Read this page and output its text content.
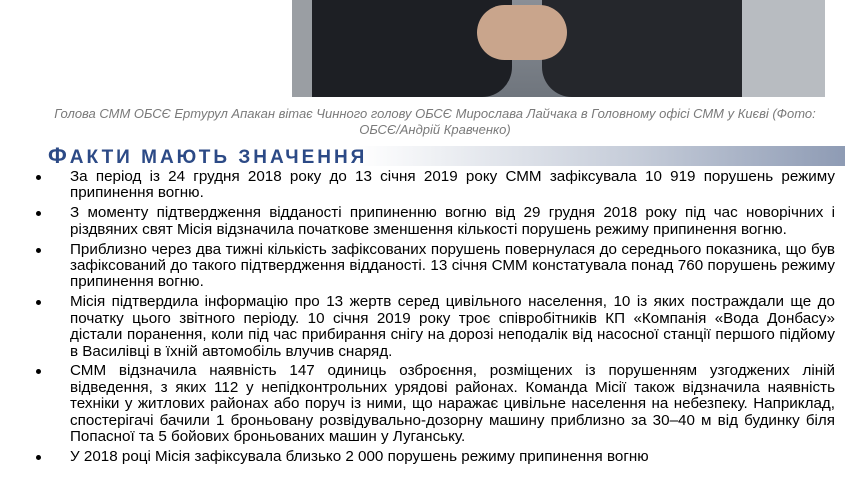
Голова СММ ОБСЄ Ертурул Апакан вітає Чинного голову ОБСЄ Мирослава Лайчака в Головному офісі СММ у Києві (Фото: ОБСЄ/Андрій Кравченко)
ФАКТИ МАЮТЬ ЗНАЧЕННЯ
За період із 24 грудня 2018 року до 13 січня 2019 року СММ зафіксувала 10 919 порушень режиму припинення вогню.
З моменту підтвердження відданості припиненню вогню від 29 грудня 2018 року під час новорічних і різдвяних свят Місія відзначила початкове зменшення кількості порушень режиму припинення вогню.
Приблизно через два тижні кількість зафіксованих порушень повернулася до середнього показника, що був зафіксований до такого підтвердження відданості. 13 січня СММ констатувала понад 760 порушень режиму припинення вогню.
Місія підтвердила інформацію про 13 жертв серед цивільного населення, 10 із яких постраждали ще до початку цього звітного періоду. 10 січня 2019 року троє співробітників КП «Компанія «Вода Донбасу» дістали поранення, коли під час прибирання снігу на дорозі неподалік від насосної станції першого підйому в Василівці в їхній автомобіль влучив снаряд.
СММ відзначила наявність 147 одиниць озброєння, розміщених із порушенням узгоджених ліній відведення, з яких 112 у непідконтрольних урядові районах. Команда Місії також відзначила наявність техніки у житлових районах або поруч із ними, що наражає цивільне населення на небезпеку. Наприклад, спостерігачі бачили 1 броньовану розвідувально-дозорну машину приблизно за 30–40 м від будинку біля Попасної та 5 бойових броньованих машин у Луганську.
У 2018 році Місія зафіксувала близько 2 000 порушень режиму припинення вогню
